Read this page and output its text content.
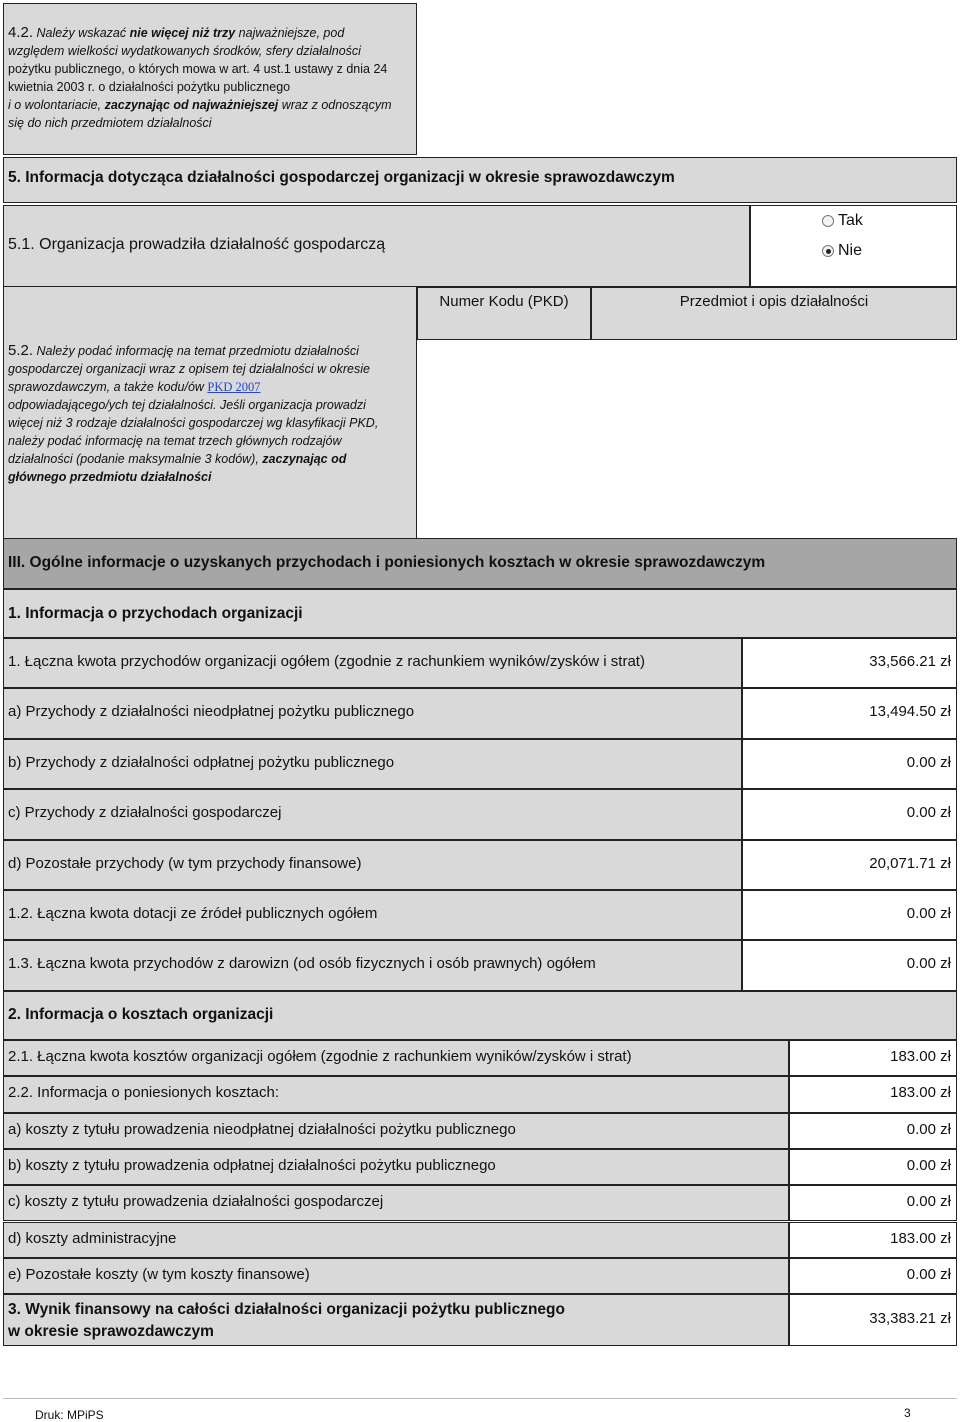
4.2. Należy wskazać nie więcej niż trzy najważniejsze, pod
względem wielkości wydatkowanych środków, sfery działalności
pożytku publicznego, o których mowa w art. 4 ust.1 ustawy z dnia 24
kwietnia 2003 r. o działalności pożytku publicznego
i o wolontariacie, zaczynając od najważniejszej wraz z odnoszącym
się do nich przedmiotem działalności
5. Informacja dotycząca działalności gospodarczej organizacji w okresie sprawozdawczym
5.1. Organizacja prowadziła działalność gospodarczą
Tak
Nie
Numer Kodu (PKD)	Przedmiot i opis działalności
5.2. Należy podać informację na temat przedmiotu działalności
gospodarczej organizacji wraz z opisem tej działalności w okresie
sprawozdawczym, a także kodu/ów PKD 2007
odpowiadającego/ych tej działalności. Jeśli organizacja prowadzi
więcej niż 3 rodzaje działalności gospodarczej wg klasyfikacji PKD,
należy podać informację na temat trzech głównych rodzajów
działalności (podanie maksymalnie 3 kodów), zaczynając od
głównego przedmiotu działalności
III. Ogólne informacje o uzyskanych przychodach i poniesionych kosztach w okresie sprawozdawczym
1. Informacja o przychodach organizacji
1. Łączna kwota przychodów organizacji ogółem (zgodnie z rachunkiem wyników/zysków i strat)	33,566.21 zł
a) Przychody z działalności nieodpłatnej pożytku publicznego	13,494.50 zł
b) Przychody z działalności odpłatnej pożytku publicznego	0.00 zł
c) Przychody z działalności gospodarczej	0.00 zł
d) Pozostałe przychody (w tym przychody finansowe)	20,071.71 zł
1.2. Łączna kwota dotacji ze źródeł publicznych ogółem	0.00 zł
1.3. Łączna kwota przychodów z darowizn (od osób fizycznych i osób prawnych) ogółem	0.00 zł
2. Informacja o kosztach organizacji
2.1. Łączna kwota kosztów organizacji ogółem (zgodnie z rachunkiem wyników/zysków i strat)	183.00 zł
2.2. Informacja o poniesionych kosztach:	183.00 zł
a) koszty z tytułu prowadzenia nieodpłatnej działalności pożytku publicznego	0.00 zł
b) koszty z tytułu prowadzenia odpłatnej działalności pożytku publicznego	0.00 zł
c) koszty z tytułu prowadzenia działalności gospodarczej	0.00 zł
d) koszty administracyjne	183.00 zł
e) Pozostałe koszty (w tym koszty finansowe)	0.00 zł
3. Wynik finansowy na całości działalności organizacji pożytku publicznego
w okresie sprawozdawczym
33,383.21 zł
Druk: MPiPS	3
